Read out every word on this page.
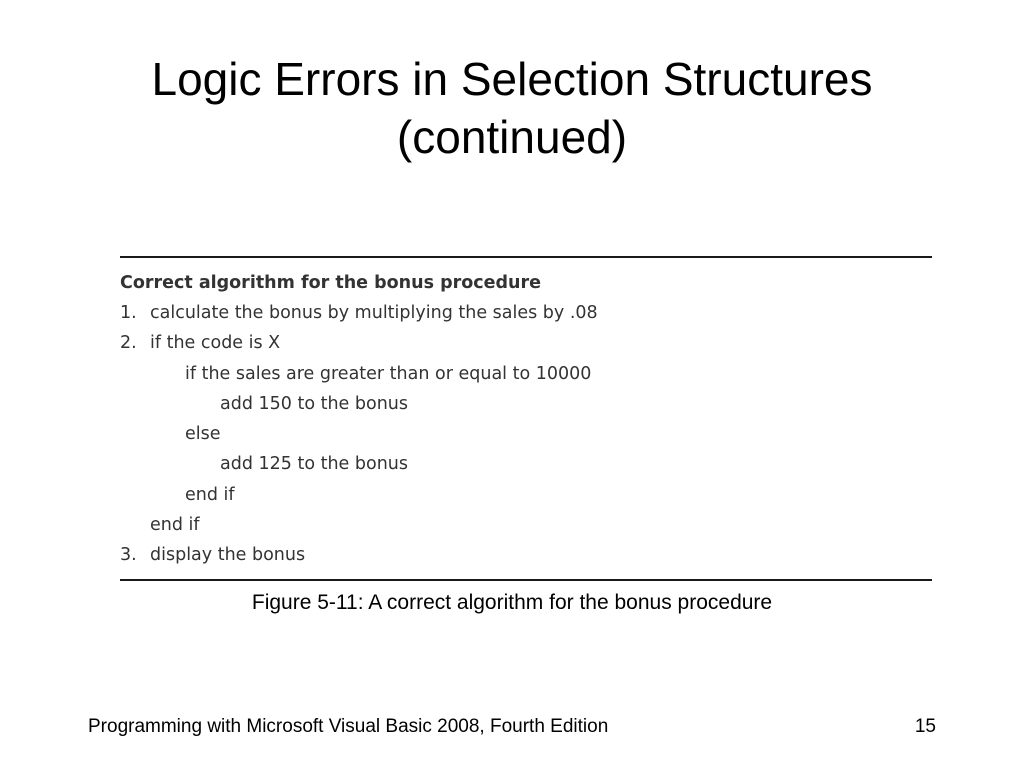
Logic Errors in Selection Structures
(continued)
Correct algorithm for the bonus procedure
1. calculate the bonus by multiplying the sales by .08
2. if the code is X
if the sales are greater than or equal to 10000
add 150 to the bonus
else
add 125 to the bonus
end if
end if
3. display the bonus
Figure 5-11: A correct algorithm for the bonus procedure
Programming with Microsoft Visual Basic 2008, Fourth Edition	15
